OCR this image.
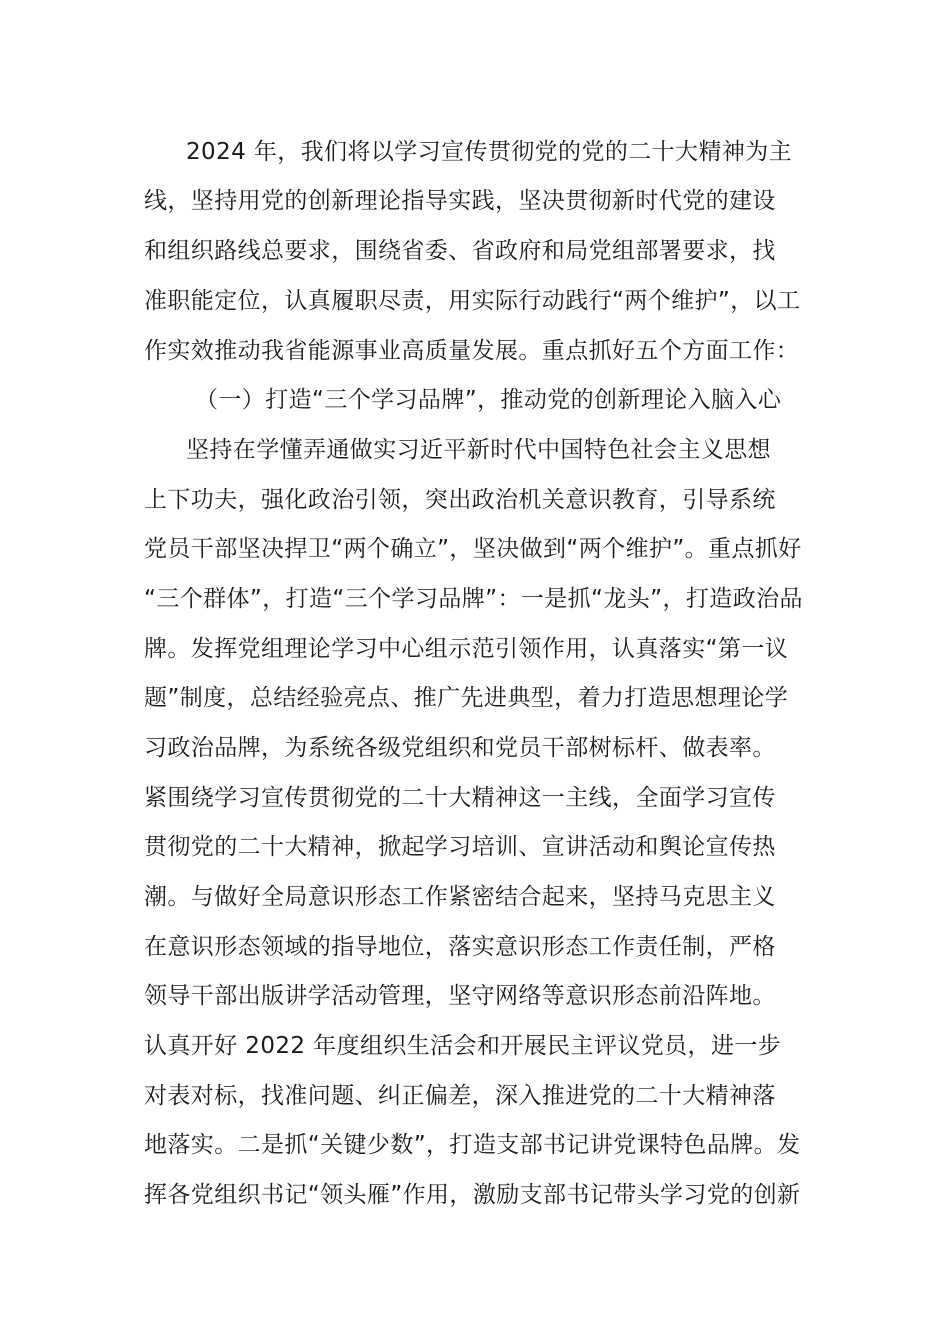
2024 年，我们将以学习宣传贯彻党的党的二十大精神为主
线，坚持用党的创新理论指导实践，坚决贯彻新时代党的建设
和组织路线总要求，围绕省委、省政府和局党组部署要求，找
准职能定位，认真履职尽责，用实际行动践行“两个维护”，以工
作实效推动我省能源事业高质量发展。重点抓好五个方面工作：
（一）打造“三个学习品牌”，推动党的创新理论入脑入心
坚持在学懂弄通做实习近平新时代中国特色社会主义思想
上下功夫，强化政治引领，突出政治机关意识教育，引导系统
党员干部坚决捍卫“两个确立”，坚决做到“两个维护”。重点抓好
“三个群体”，打造“三个学习品牌”：一是抓“龙头”，打造政治品
牌。发挥党组理论学习中心组示范引领作用，认真落实“第一议
题”制度，总结经验亮点、推广先进典型，着力打造思想理论学
习政治品牌，为系统各级党组织和党员干部树标杆、做表率。
紧围绕学习宣传贯彻党的二十大精神这一主线，全面学习宣传
贯彻党的二十大精神，掀起学习培训、宣讲活动和舆论宣传热
潮。与做好全局意识形态工作紧密结合起来，坚持马克思主义
在意识形态领域的指导地位，落实意识形态工作责任制，严格
领导干部出版讲学活动管理，坚守网络等意识形态前沿阵地。
认真开好 2022 年度组织生活会和开展民主评议党员，进一步
对表对标，找准问题、纠正偏差，深入推进党的二十大精神落
地落实。二是抓“关键少数”，打造支部书记讲党课特色品牌。发
挥各党组织书记“领头雁”作用，激励支部书记带头学习党的创新
